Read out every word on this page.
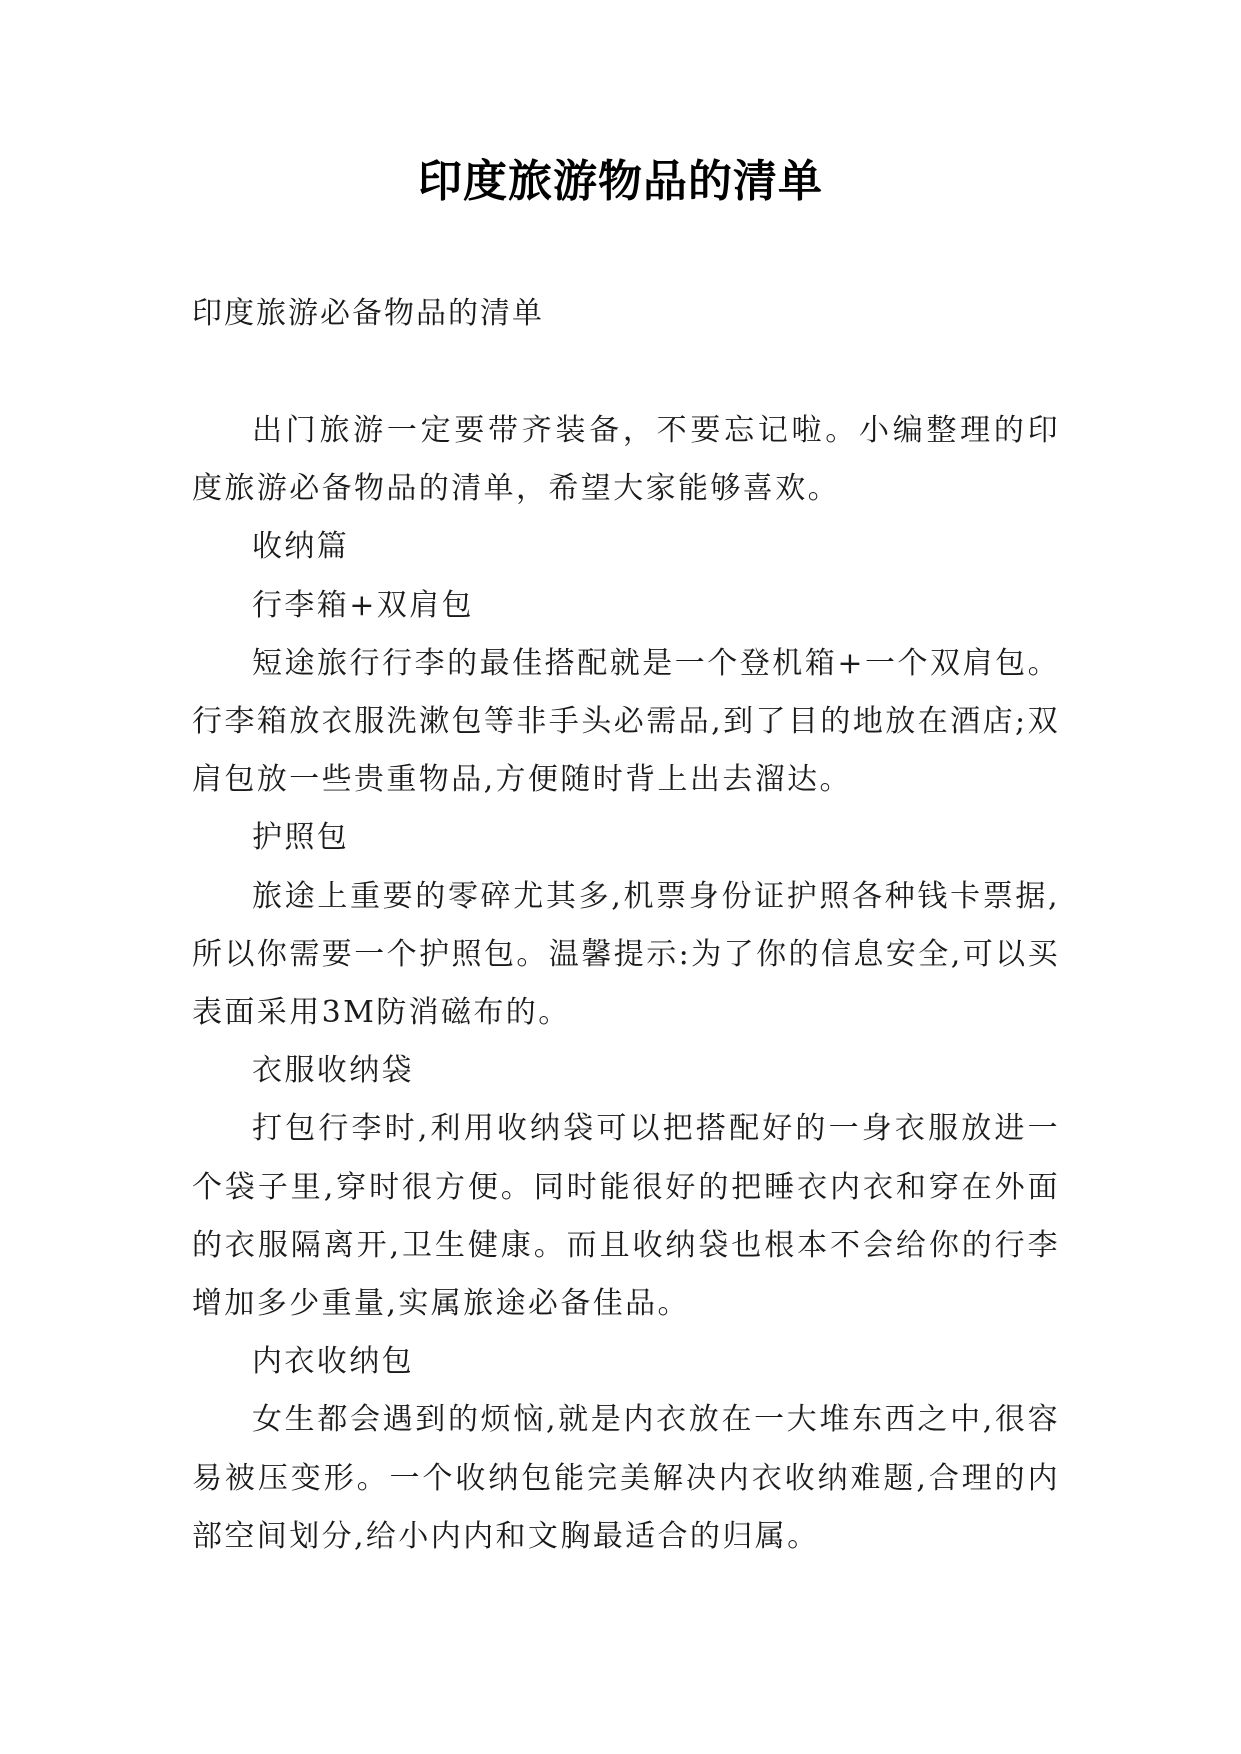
印度旅游物品的清单
印度旅游必备物品的清单

出门旅游一定要带齐装备，不要忘记啦。小编整理的印度旅游必备物品的清单，希望大家能够喜欢。

收纳篇

行李箱+双肩包

短途旅行行李的最佳搭配就是一个登机箱+一个双肩包。行李箱放衣服洗漱包等非手头必需品,到了目的地放在酒店;双肩包放一些贵重物品,方便随时背上出去溜达。

护照包

旅途上重要的零碎尤其多,机票身份证护照各种钱卡票据,所以你需要一个护照包。温馨提示:为了你的信息安全,可以买表面采用3M防消磁布的。

衣服收纳袋

打包行李时,利用收纳袋可以把搭配好的一身衣服放进一个袋子里,穿时很方便。同时能很好的把睡衣内衣和穿在外面的衣服隔离开,卫生健康。而且收纳袋也根本不会给你的行李增加多少重量,实属旅途必备佳品。

内衣收纳包

女生都会遇到的烦恼,就是内衣放在一大堆东西之中,很容易被压变形。一个收纳包能完美解决内衣收纳难题,合理的内部空间划分,给小内内和文胸最适合的归属。
